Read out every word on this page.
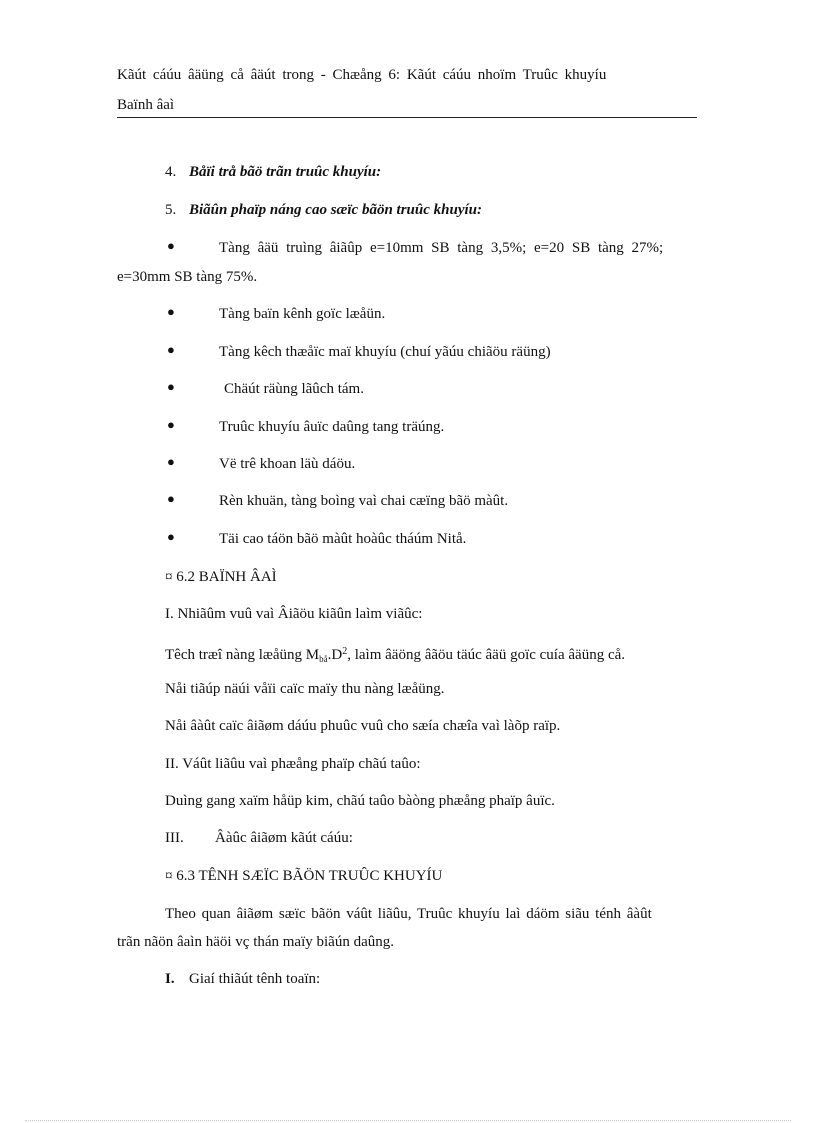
Kãút cáúu âäüng cå âäút trong - Chæång 6: Kãút cáúu nhoïm Truûc khuyíu
Baïnh âaì
4. Båïi trå bãö trãn truûc khuyíu:
5. Biãûn phaïp náng cao sæïc bãön truûc khuyíu:
●	Tàng âäü truìng âiãûp e=10mm SB tàng 3,5%; e=20 SB tàng 27%;
e=30mm SB tàng 75%.
●	Tàng baïn kênh goïc læåün.
●	Tàng kêch thæåïc maï khuyíu (chuí yãúu chiãöu räüng)
●	Chäút räùng lãûch tám.
●	Truûc khuyíu âuïc daûng tang träúng.
●	Vë trê khoan läù dáöu.
●	Rèn khuän, tàng boìng vaì chai cæïng bãö màût.
●	Täi cao táön bãö màût hoàûc tháúm Nitå.
¤ 6.2 BAÏNH ÂAÌ
I. Nhiãûm vuû vaì Âiãöu kiãûn laìm viãûc:
Têch træî nàng læåüng $M_{bå}.D^2$, laìm âäöng âãöu täúc âäü goïc cuía âäüng cå.
Nåi tiãúp näúi våïi caïc maïy thu nàng læåüng.
Nåi âàût caïc âiãøm dáúu phuûc vuû cho sæía chæîa vaì làõp raïp.
II. Váût liãûu vaì phæång phaïp chãú taûo:
Duìng gang xaïm håüp kim, chãú taûo bàòng phæång phaïp âuïc.
III. Âàûc âiãøm kãút cáúu:
¤ 6.3 TÊNH SÆÏC BÃÖN TRUÛC KHUYÍU
Theo quan âiãøm sæïc bãön váût liãûu, Truûc khuyíu laì dáöm siãu ténh âàût
trãn nãön âaìn häöi vç thán maïy biãún daûng.
I. Giaí thiãút tênh toaïn:
